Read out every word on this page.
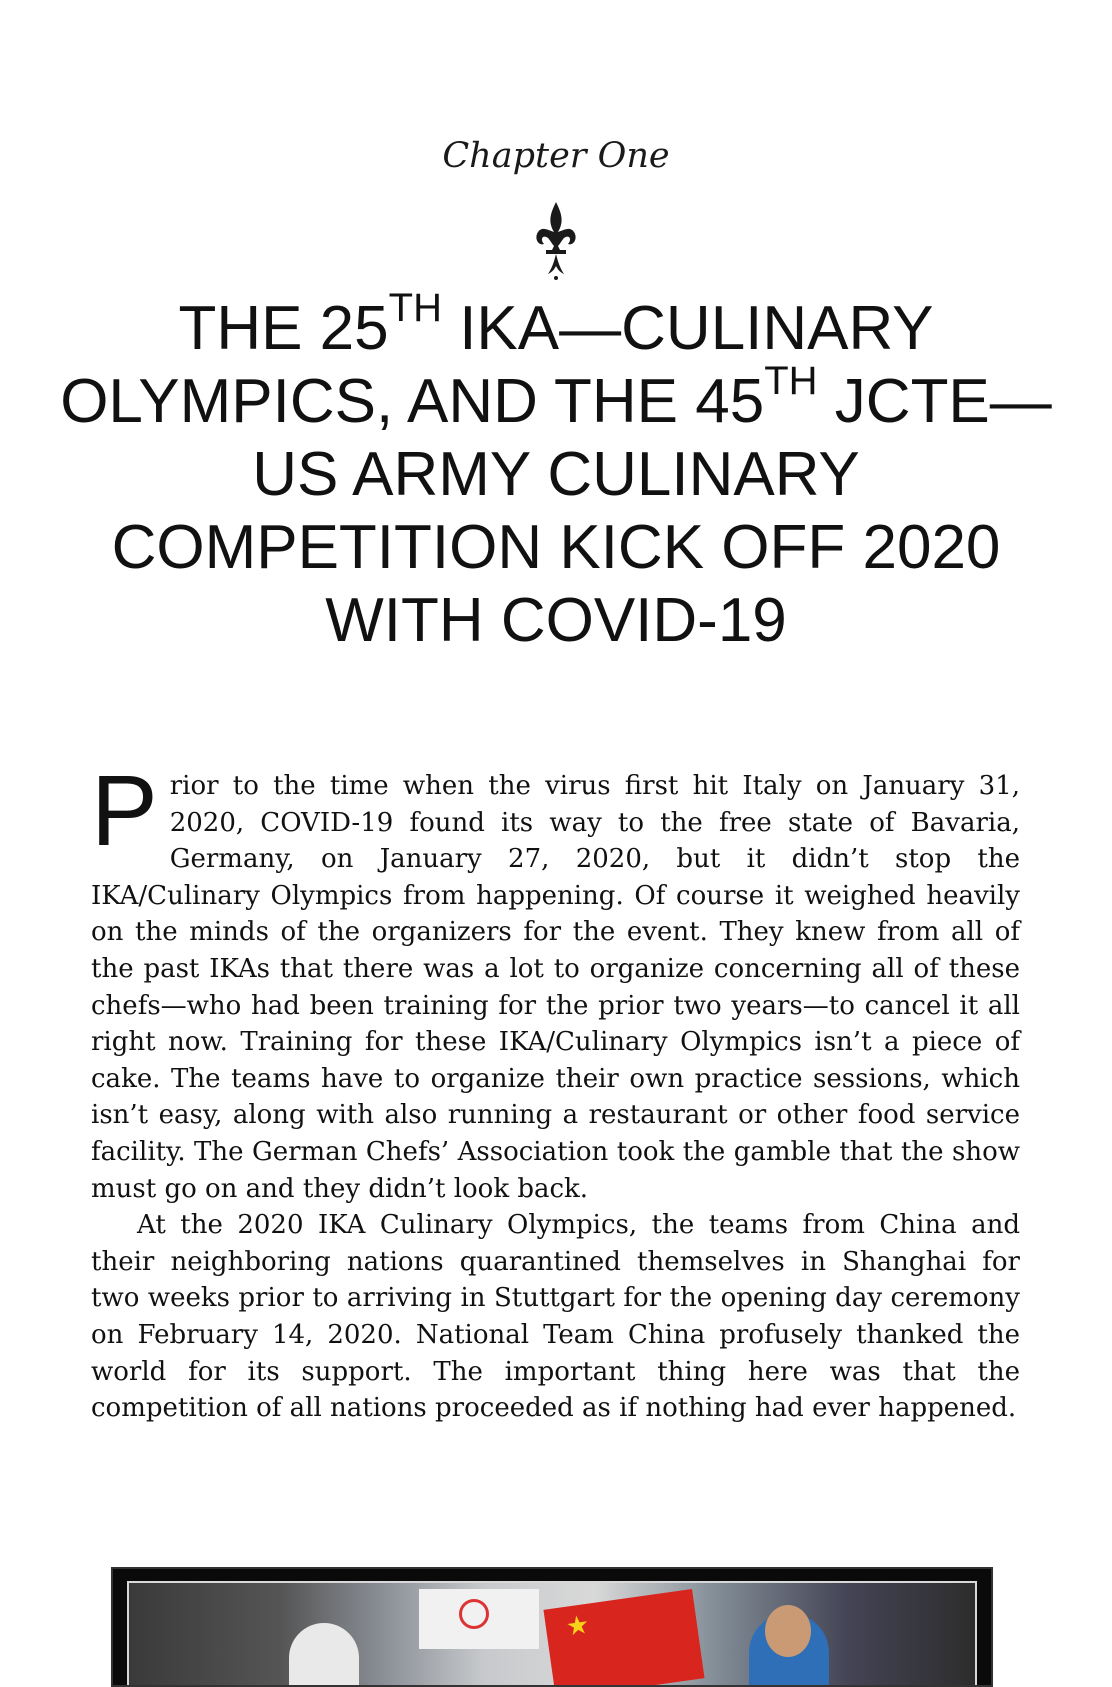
Chapter One
THE 25TH IKA—CULINARY OLYMPICS, AND THE 45TH JCTE—US ARMY CULINARY COMPETITION KICK OFF 2020 WITH COVID-19

Prior to the time when the virus first hit Italy on January 31, 2020, COVID-19 found its way to the free state of Bavaria, Germany, on January 27, 2020, but it didn’t stop the IKA/Culinary Olympics from happening. Of course it weighed heavily on the minds of the organizers for the event. They knew from all of the past IKAs that there was a lot to organize concerning all of these chefs—who had been training for the prior two years—to cancel it all right now. Training for these IKA/Culinary Olympics isn’t a piece of cake. The teams have to organize their own practice sessions, which isn’t easy, along with also running a restaurant or other food service facility. The German Chefs’ Association took the gamble that the show must go on and they didn’t look back.

At the 2020 IKA Culinary Olympics, the teams from China and their neighboring nations quarantined themselves in Shanghai for two weeks prior to arriving in Stuttgart for the opening day ceremony on February 14, 2020. National Team China profusely thanked the world for its support. The important thing here was that the competition of all nations proceeded as if nothing had ever happened.

★
